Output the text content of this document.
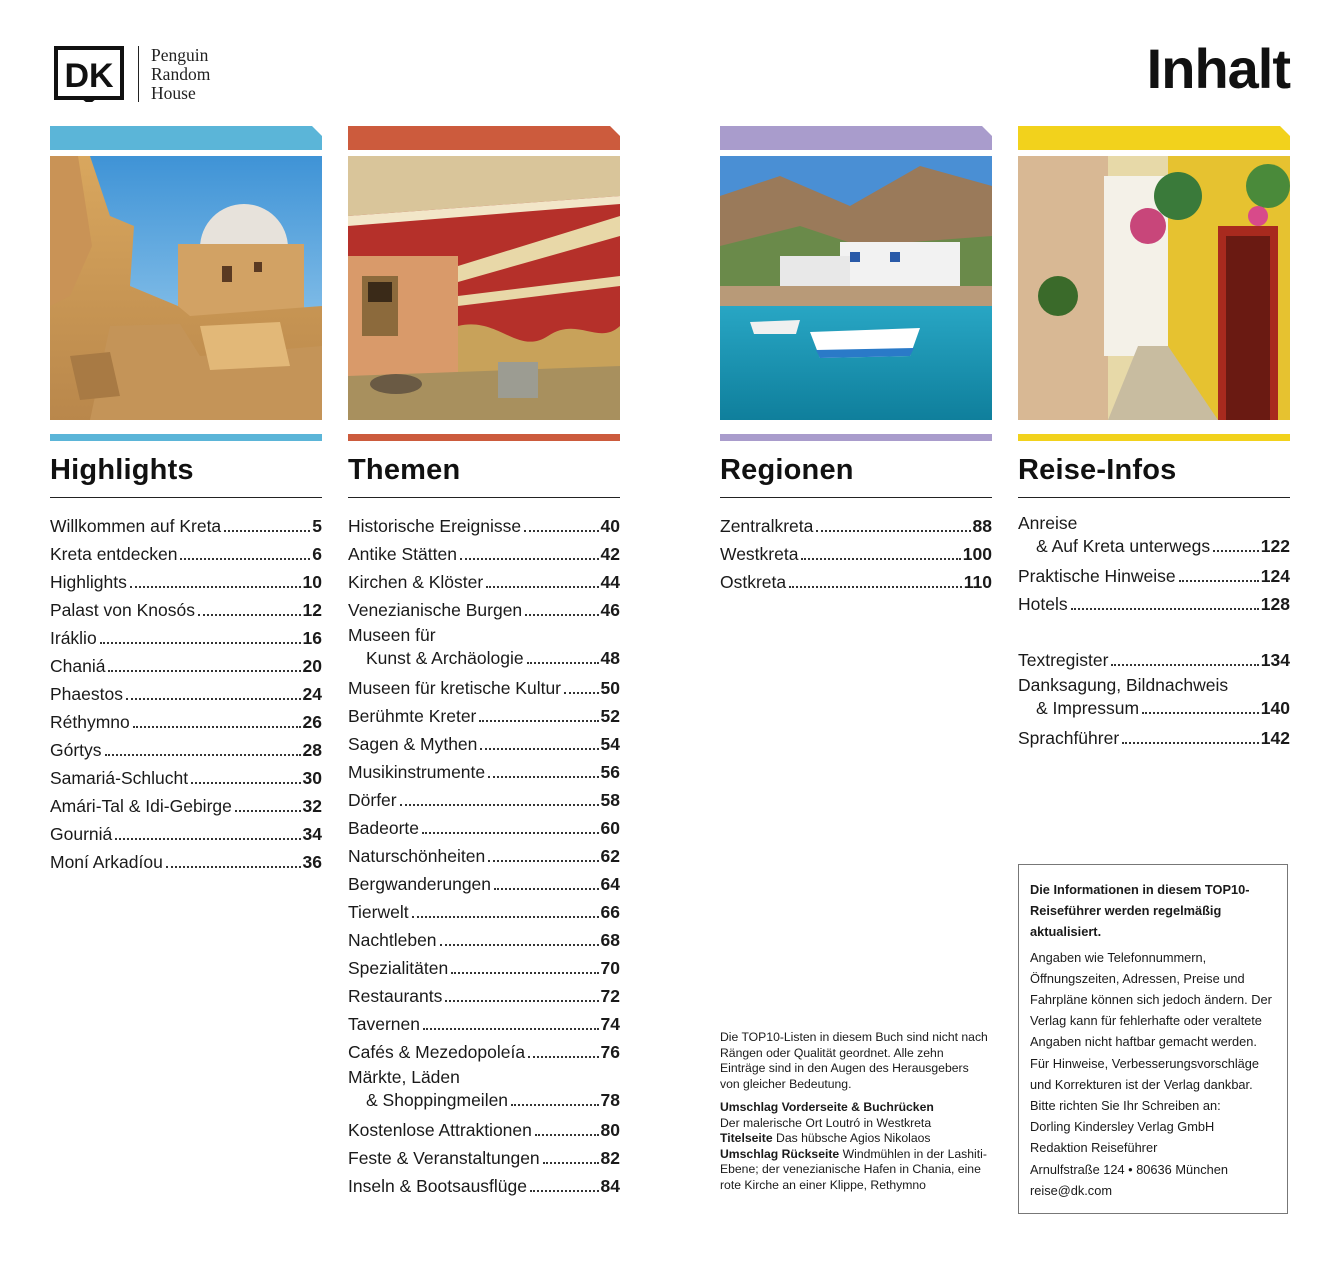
DK
Penguin
Random
House	Inhalt
Highlights
Willkommen auf Kreta	5
Kreta entdecken	6
Highlights	10
Palast von Knosós	12
Iráklio	16
Chaniá	20
Phaestos	24
Réthymno	26
Górtys	28
Samariá-Schlucht	30
Amári-Tal & Idi-Gebirge	32
Gourniá	34
Moní Arkadíou	36
Themen
Historische Ereignisse	40
Antike Stätten	42
Kirchen & Klöster	44
Venezianische Burgen	46
Museen für
Kunst & Archäologie	48
Museen für kretische Kultur 50
Berühmte Kreter	52
Sagen & Mythen	54
Musikinstrumente	56
Dörfer	58
Badeorte	60
Naturschönheiten	62
Bergwanderungen	64
Tierwelt	66
Nachtleben	68
Spezialitäten	70
Restaurants	72
Tavernen	74
Cafés & Mezedopoleía	76
Märkte, Läden
& Shoppingmeilen	78
Kostenlose Attraktionen	80
Feste & Veranstaltungen	82
Inseln & Bootsausflüge	84
Regionen
Zentralkreta	88
Westkreta	100
Ostkreta	110
Reise-Infos
Anreise
& Auf Kreta unterwegs	122
Praktische Hinweise	124
Hotels	128
Textregister	134
Danksagung, Bildnachweis
& Impressum	140
Sprachführer	142

Die TOP10-Listen in diesem Buch sind nicht nach Rängen oder Qualität geordnet. Alle zehn Einträge sind in den Augen des Herausgebers von gleicher Bedeutung.

Umschlag Vorderseite & Buchrücken
Der malerische Ort Loutró in Westkreta
Titelseite Das hübsche Agios Nikolaos
Umschlag Rückseite Windmühlen in der Lashiti-Ebene; der venezianische Hafen in Chania, eine rote Kirche an einer Klippe, Rethymno

Die Informationen in diesem TOP10-Reiseführer werden regelmäßig aktualisiert.

Angaben wie Telefonnummern, Öffnungszeiten, Adressen, Preise und Fahrpläne können sich jedoch ändern. Der Verlag kann für fehlerhafte oder veraltete Angaben nicht haftbar gemacht werden. Für Hinweise, Verbesserungsvorschläge und Korrekturen ist der Verlag dankbar. Bitte richten Sie Ihr Schreiben an:

Dorling Kindersley Verlag GmbH

Redaktion Reiseführer

Arnulfstraße 124 • 80636 München

reise@dk.com
